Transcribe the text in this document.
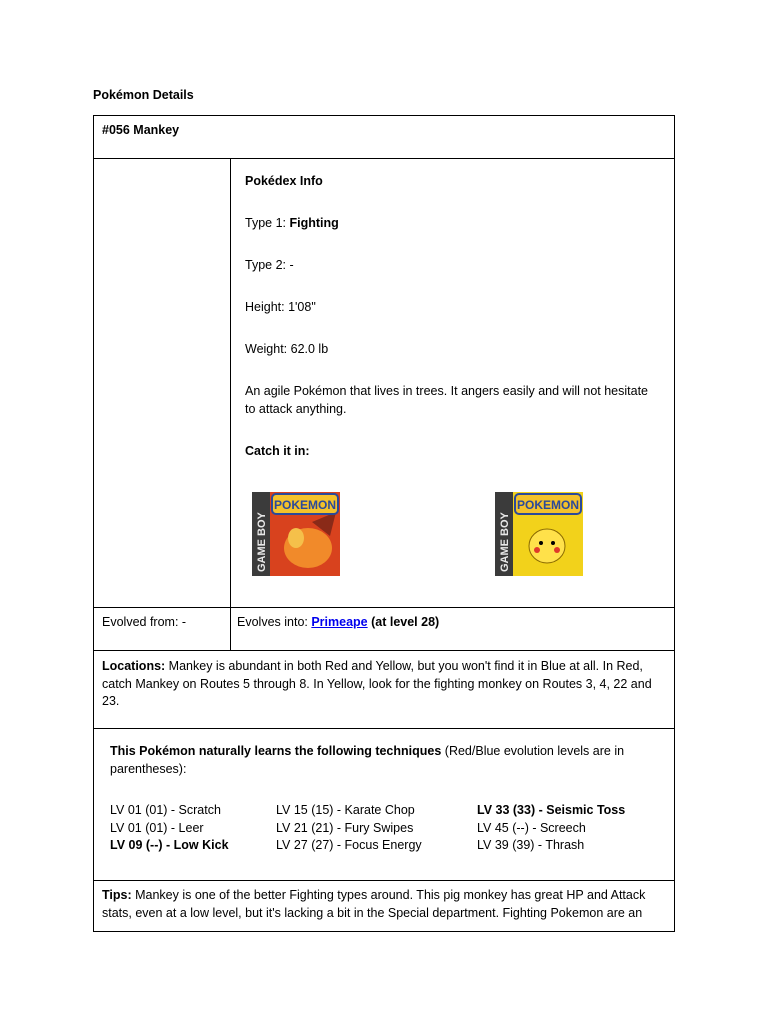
Pokémon Details
#056 Mankey

Pokédex Info

Type 1: Fighting

Type 2: -

Height: 1'08"

Weight: 62.0 lb

An agile Pokémon that lives in trees. It angers easily and will not hesitate to attack anything.

Catch it in:

GAME BOY
POKEMON
GAME BOY
POKEMON
Evolved from: -	Evolves into: Primeape (at level 28)
Locations: Mankey is abundant in both Red and Yellow, but you won't find it in Blue at all. In Red, catch Mankey on Routes 5 through 8. In Yellow, look for the fighting monkey on Routes 3, 4, 22 and 23.
This Pokémon naturally learns the following techniques (Red/Blue evolution levels are in parentheses):

LV 01 (01) - Scratch

LV 01 (01) - Leer

LV 09 (--) - Low Kick

LV 15 (15) - Karate Chop

LV 21 (21) - Fury Swipes

LV 27 (27) - Focus Energy

LV 33 (33) - Seismic Toss

LV 45 (--) - Screech

LV 39 (39) - Thrash

Tips: Mankey is one of the better Fighting types around. This pig monkey has great HP and Attack stats, even at a low level, but it's lacking a bit in the Special department. Fighting Pokemon are an
